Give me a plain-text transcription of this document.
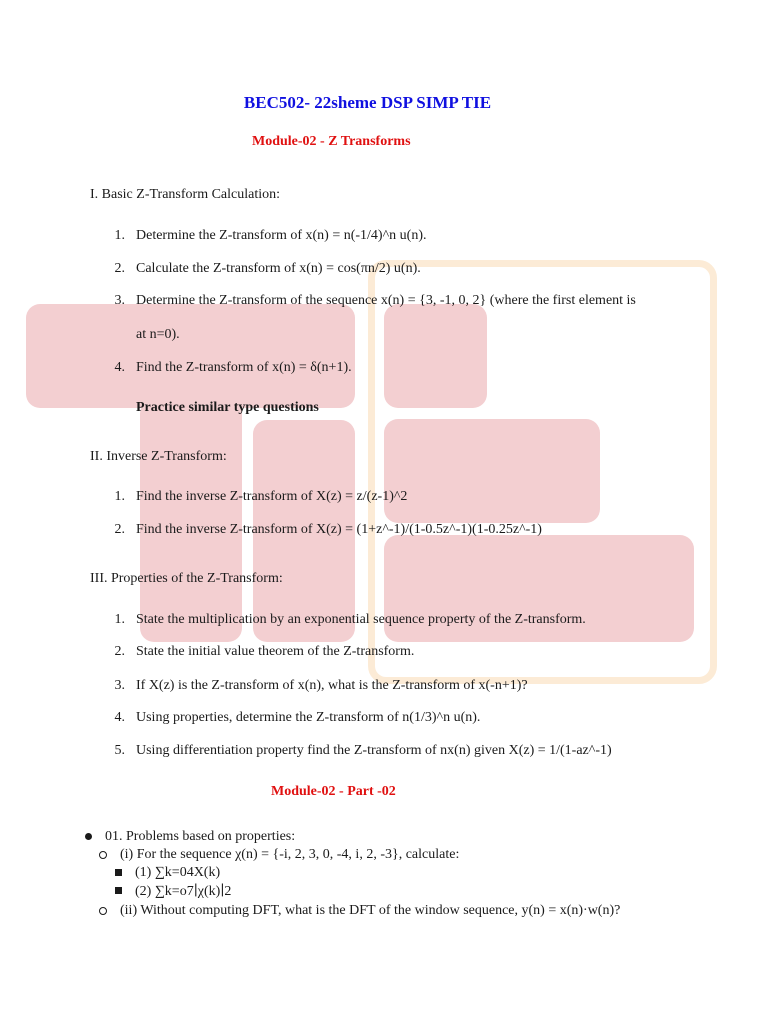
BEC502- 22sheme DSP SIMP TIE
Module-02 - Z Transforms
I. Basic Z-Transform Calculation:
1. Determine the Z-transform of x(n) = n(-1/4)^n u(n).
2. Calculate the Z-transform of x(n) = cos(πn/2) u(n).
3. Determine the Z-transform of the sequence x(n) = {3, -1, 0, 2} (where the first element is
at n=0).
4. Find the Z-transform of x(n) = δ(n+1).
Practice similar type questions
II. Inverse Z-Transform:
1. Find the inverse Z-transform of X(z) = z/(z-1)^2
2. Find the inverse Z-transform of X(z) = (1+z^-1)/(1-0.5z^-1)(1-0.25z^-1)
III. Properties of the Z-Transform:
1. State the multiplication by an exponential sequence property of the Z-transform.
2. State the initial value theorem of the Z-transform.
3. If X(z) is the Z-transform of x(n), what is the Z-transform of x(-n+1)?
4. Using properties, determine the Z-transform of n(1/3)^n u(n).
5. Using differentiation property find the Z-transform of nx(n) given X(z) = 1/(1-az^-1)
Module-02 - Part -02
01. Problems based on properties:
(i) For the sequence χ(n) = {-i, 2, 3, 0, -4, i, 2, -3}, calculate:
(1) ∑k=04X(k)
(2) ∑k=o7∣χ(k)∣2
(ii) Without computing DFT, what is the DFT of the window sequence, y(n) = x(n)·w(n)?
